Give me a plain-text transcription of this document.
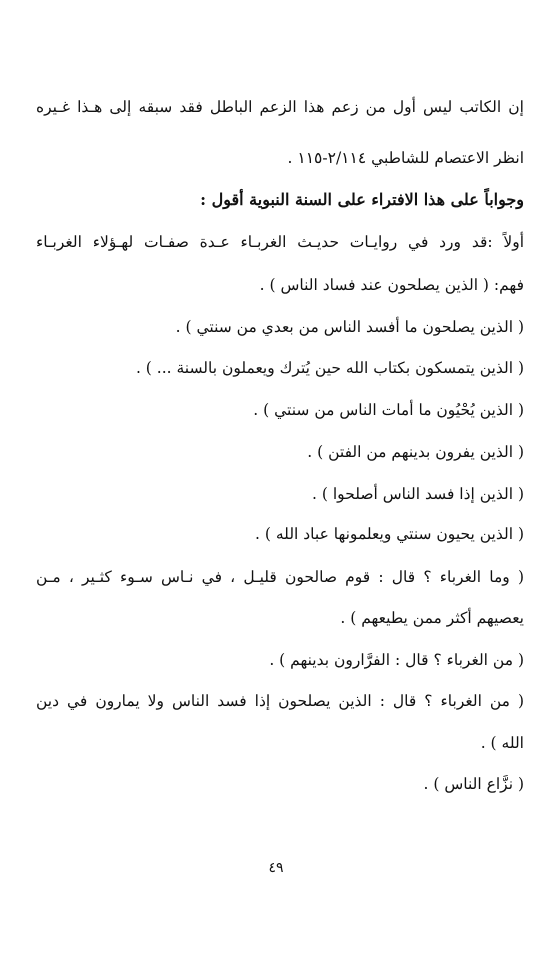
إن الكاتب ليس أول من زعم هذا الزعم الباطل فقد سبقه إلى هـذا غـيره
انظر الاعتصام للشاطبي ٢/١١٤-١١٥ .
وجواباً على هذا الافتراء على السنة النبوية أقول :
أولاً :قد ورد في روايـات حديـث الغربـاء عـدة صفـات لهـؤلاء الغربـاء
فهم: ( الذين يصلحون عند فساد الناس ) .
( الذين يصلحون ما أفسد الناس من بعدي من سنتي ) .
( الذين يتمسكون بكتاب الله حين يُترك ويعملون بالسنة ... ) .
( الذين يُحْيُون ما أمات الناس من سنتي ) .
( الذين يفرون بدينهم من الفتن ) .
( الذين إذا فسد الناس أصلحوا ) .
( الذين يحيون سنتي ويعلمونها عباد الله ) .
( وما الغرباء ؟ قال : قوم صالحون قليـل ، في نـاس سـوء كثـير ، مـن
يعصيهم أكثر ممن يطيعهم ) .
( من الغرباء ؟ قال : الفرَّارون بدينهم ) .
( من الغرباء ؟ قال : الذين يصلحون إذا فسد الناس ولا يمارون في دين
الله ) .
( نزَّاع الناس ) .
٤٩
